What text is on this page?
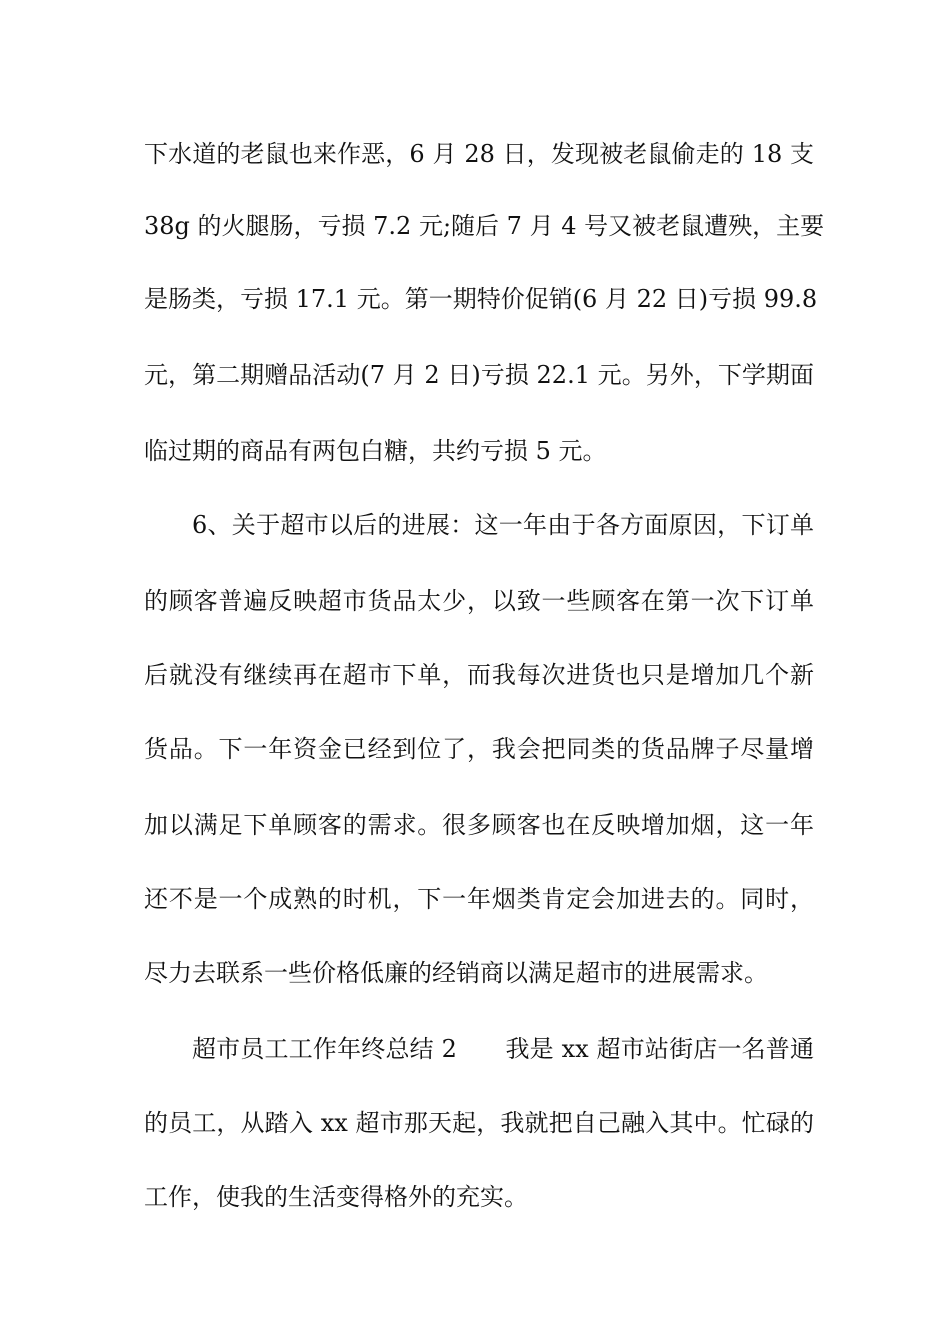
下水道的老鼠也来作恶，6 月 28 日，发现被老鼠偷走的 18 支
38g 的火腿肠，亏损 7.2 元;随后 7 月 4 号又被老鼠遭殃，主要
是肠类，亏损 17.1 元。第一期特价促销(6 月 22 日)亏损 99.8
元，第二期赠品活动(7 月 2 日)亏损 22.1 元。另外，下学期面
临过期的商品有两包白糖，共约亏损 5 元。
6、关于超市以后的进展：这一年由于各方面原因，下订单
的顾客普遍反映超市货品太少，以致一些顾客在第一次下订单
后就没有继续再在超市下单，而我每次进货也只是增加几个新
货品。下一年资金已经到位了，我会把同类的货品牌子尽量增
加以满足下单顾客的需求。很多顾客也在反映增加烟，这一年
还不是一个成熟的时机，下一年烟类肯定会加进去的。同时，
尽力去联系一些价格低廉的经销商以满足超市的进展需求。
超市员工工作年终总结 2　　我是 xx 超市站街店一名普通
的员工，从踏入 xx 超市那天起，我就把自己融入其中。忙碌的
工作，使我的生活变得格外的充实。
